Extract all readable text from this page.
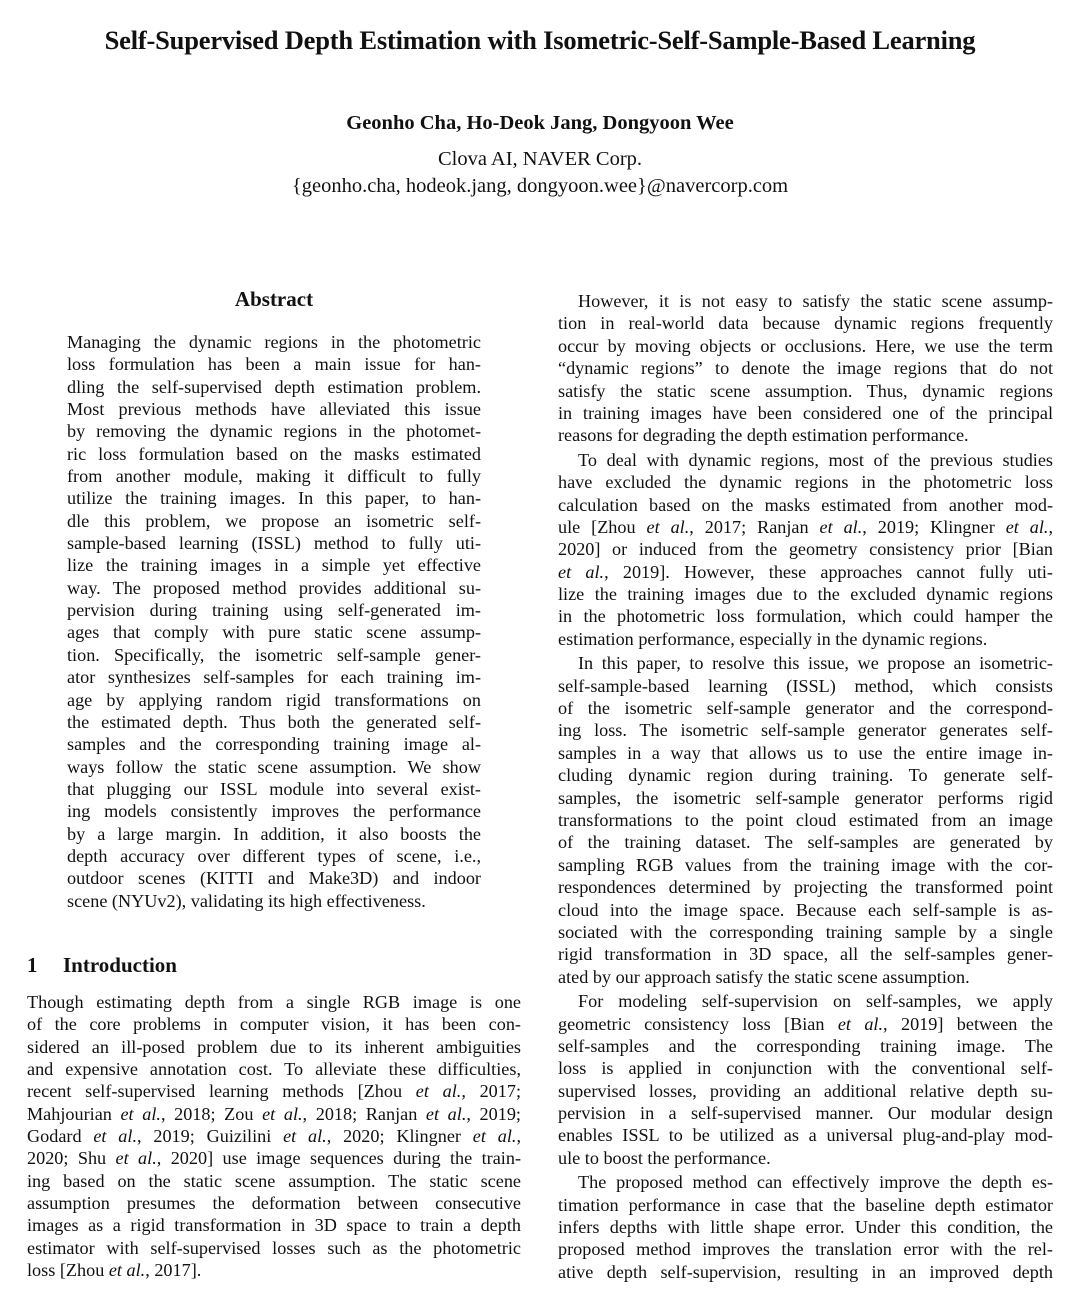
Self-Supervised Depth Estimation with Isometric-Self-Sample-Based Learning
Geonho Cha, Ho-Deok Jang, Dongyoon Wee
Clova AI, NAVER Corp.
{geonho.cha, hodeok.jang, dongyoon.wee}@navercorp.com
Abstract
Managing the dynamic regions in the photometric
loss formulation has been a main issue for han-
dling the self-supervised depth estimation problem.
Most previous methods have alleviated this issue
by removing the dynamic regions in the photomet-
ric loss formulation based on the masks estimated
from another module, making it difficult to fully
utilize the training images. In this paper, to han-
dle this problem, we propose an isometric self-
sample-based learning (ISSL) method to fully uti-
lize the training images in a simple yet effective
way. The proposed method provides additional su-
pervision during training using self-generated im-
ages that comply with pure static scene assump-
tion. Specifically, the isometric self-sample gener-
ator synthesizes self-samples for each training im-
age by applying random rigid transformations on
the estimated depth. Thus both the generated self-
samples and the corresponding training image al-
ways follow the static scene assumption. We show
that plugging our ISSL module into several exist-
ing models consistently improves the performance
by a large margin. In addition, it also boosts the
depth accuracy over different types of scene, i.e.,
outdoor scenes (KITTI and Make3D) and indoor
scene (NYUv2), validating its high effectiveness.
1 Introduction
Though estimating depth from a single RGB image is one
of the core problems in computer vision, it has been con-
sidered an ill-posed problem due to its inherent ambiguities
and expensive annotation cost. To alleviate these difficulties,
recent self-supervised learning methods [Zhou et al., 2017;
Mahjourian et al., 2018; Zou et al., 2018; Ranjan et al., 2019;
Godard et al., 2019; Guizilini et al., 2020; Klingner et al.,
2020; Shu et al., 2020] use image sequences during the train-
ing based on the static scene assumption. The static scene
assumption presumes the deformation between consecutive
images as a rigid transformation in 3D space to train a depth
estimator with self-supervised losses such as the photometric
loss [Zhou et al., 2017].
However, it is not easy to satisfy the static scene assump-
tion in real-world data because dynamic regions frequently
occur by moving objects or occlusions. Here, we use the term
“dynamic regions” to denote the image regions that do not
satisfy the static scene assumption. Thus, dynamic regions
in training images have been considered one of the principal
reasons for degrading the depth estimation performance.
To deal with dynamic regions, most of the previous studies
have excluded the dynamic regions in the photometric loss
calculation based on the masks estimated from another mod-
ule [Zhou et al., 2017; Ranjan et al., 2019; Klingner et al.,
2020] or induced from the geometry consistency prior [Bian
et al., 2019]. However, these approaches cannot fully uti-
lize the training images due to the excluded dynamic regions
in the photometric loss formulation, which could hamper the
estimation performance, especially in the dynamic regions.
In this paper, to resolve this issue, we propose an isometric-
self-sample-based learning (ISSL) method, which consists
of the isometric self-sample generator and the correspond-
ing loss. The isometric self-sample generator generates self-
samples in a way that allows us to use the entire image in-
cluding dynamic region during training. To generate self-
samples, the isometric self-sample generator performs rigid
transformations to the point cloud estimated from an image
of the training dataset. The self-samples are generated by
sampling RGB values from the training image with the cor-
respondences determined by projecting the transformed point
cloud into the image space. Because each self-sample is as-
sociated with the corresponding training sample by a single
rigid transformation in 3D space, all the self-samples gener-
ated by our approach satisfy the static scene assumption.
For modeling self-supervision on self-samples, we apply
geometric consistency loss [Bian et al., 2019] between the
self-samples and the corresponding training image. The
loss is applied in conjunction with the conventional self-
supervised losses, providing an additional relative depth su-
pervision in a self-supervised manner. Our modular design
enables ISSL to be utilized as a universal plug-and-play mod-
ule to boost the performance.
The proposed method can effectively improve the depth es-
timation performance in case that the baseline depth estimator
infers depths with little shape error. Under this condition, the
proposed method improves the translation error with the rel-
ative depth self-supervision, resulting in an improved depth
